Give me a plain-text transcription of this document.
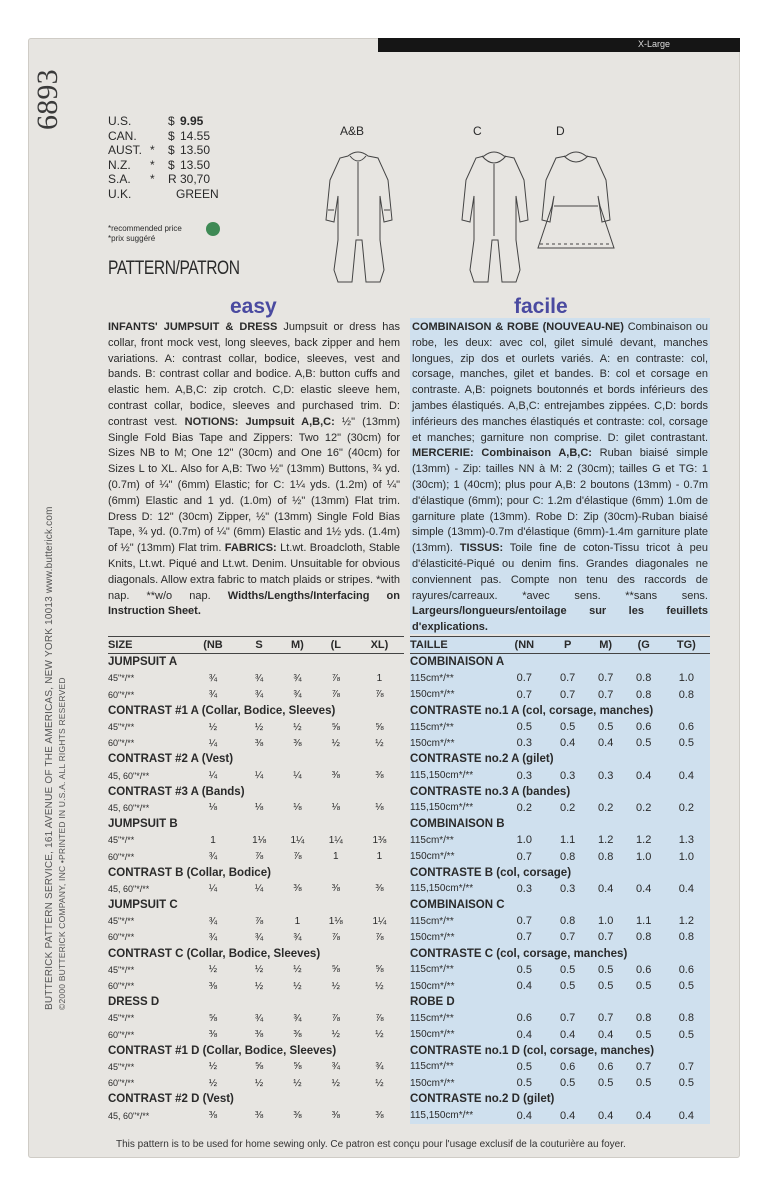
X-Large
6893
BUTTERICK PATTERN SERVICE, 161 AVENUE OF THE AMERICAS, NEW YORK 10013 www.butterick.com ©2000 BUTTERICK COMPANY, INC •PRINTED IN U.S.A. ALL RIGHTS RESERVED
U.S.	$ 9.95
CAN.	$ 14.55
AUST. * $ 13.50
N.Z. * $ 13.50
S.A. * R 30,70
U.K.	GREEN
*recommended price
*prix suggéré
PATTERN/PATRON
A&B	C	D
easy	facile
INFANTS' JUMPSUIT & DRESS Jumpsuit or dress has collar, front mock vest, long sleeves, back zipper and hem variations. A: contrast collar, bodice, sleeves, vest and bands. B: contrast collar and bodice. A,B: button cuffs and elastic hem. A,B,C: zip crotch. C,D: elastic sleeve hem, contrast collar, bodice, sleeves and purchased trim. D: contrast vest. NOTIONS: Jumpsuit A,B,C: ½" (13mm) Single Fold Bias Tape and Zippers: Two 12" (30cm) for Sizes NB to M; One 12" (30cm) and One 16" (40cm) for Sizes L to XL. Also for A,B: Two ½" (13mm) Buttons, ¾ yd. (0.7m) of ¼" (6mm) Elastic; for C: 1¼ yds. (1.2m) of ¼" (6mm) Elastic and 1 yd. (1.0m) of ½" (13mm) Flat trim. Dress D: 12" (30cm) Zipper, ½" (13mm) Single Fold Bias Tape, ¾ yd. (0.7m) of ¼" (6mm) Elastic and 1½ yds. (1.4m) of ½" (13mm) Flat trim. FABRICS: Lt.wt. Broadcloth, Stable Knits, Lt.wt. Piqué and Lt.wt. Denim. Unsuitable for obvious diagonals. Allow extra fabric to match plaids or stripes. *with nap. **w/o nap. Widths/Lengths/Interfacing on Instruction Sheet.
COMBINAISON & ROBE (NOUVEAU-NE) Combinaison ou robe, les deux: avec col, gilet simulé devant, manches longues, zip dos et ourlets variés. A: en contraste: col, corsage, manches, gilet et bandes. B: col et corsage en contraste. A,B: poignets boutonnés et bords inférieurs des jambes élastiqués. A,B,C: entrejambes zippées. C,D: bords inférieurs des manches élastiqués et contraste: col, corsage et manches; garniture non comprise. D: gilet contrastant. MERCERIE: Combinaison A,B,C: Ruban biaisé simple (13mm) - Zip: tailles NN à M: 2 (30cm); tailles G et TG: 1 (30cm); 1 (40cm); plus pour A,B: 2 boutons (13mm) - 0.7m d'élastique (6mm); pour C: 1.2m d'élastique (6mm) 1.0m de garniture plate (13mm). Robe D: Zip (30cm)-Ruban biaisé simple (13mm)-0.7m d'élastique (6mm)-1.4m garniture plate (13mm). TISSUS: Toile fine de coton-Tissu tricot à peu d'élasticité-Piqué ou denim fins. Grandes diagonales ne conviennent pas. Compte non tenu des raccords de rayures/carreaux. *avec sens. **sans sens. Largeurs/longueurs/entoilage sur les feuillets d'explications.
SIZE	(NB	S	M)	(L	XL)
JUMPSUIT A					
45"*/**	¾	¾	¾	⅞	1
60"*/**	¾	¾	¾	⅞	⅞
CONTRAST #1 A (Collar, Bodice, Sleeves)					
45"*/**	½	½	½	⅝	⅝
60"*/**	¼	⅜	⅜	½	½
CONTRAST #2 A (Vest)					
45, 60"*/**	¼	¼	¼	⅜	⅜
CONTRAST #3 A (Bands)					
45, 60"*/**	⅛	⅛	⅛	⅛	⅛
JUMPSUIT B					
45"*/**	1	1⅛	1¼	1¼	1⅜
60"*/**	¾	⅞	⅞	1	1
CONTRAST B (Collar, Bodice)					
45, 60"*/**	¼	¼	⅜	⅜	⅜
JUMPSUIT C					
45"*/**	¾	⅞	1	1⅛	1¼
60"*/**	¾	¾	¾	⅞	⅞
CONTRAST C (Collar, Bodice, Sleeves)					
45"*/**	½	½	½	⅝	⅝
60"*/**	⅜	½	½	½	½
DRESS D					
45"*/**	⅝	¾	¾	⅞	⅞
60"*/**	⅜	⅜	⅜	½	½
CONTRAST #1 D (Collar, Bodice, Sleeves)					
45"*/**	½	⅝	⅝	¾	¾
60"*/**	½	½	½	½	½
CONTRAST #2 D (Vest)					
45, 60"*/**	⅜	⅜	⅜	⅜	⅜
TAILLE	(NN	P	M)	(G	TG)
COMBINAISON A					
115cm*/**	0.7	0.7	0.7	0.8	1.0
150cm*/**	0.7	0.7	0.7	0.8	0.8
CONTRASTE no.1 A (col, corsage, manches)					
115cm*/**	0.5	0.5	0.5	0.6	0.6
150cm*/**	0.3	0.4	0.4	0.5	0.5
CONTRASTE no.2 A (gilet)					
115,150cm*/**	0.3	0.3	0.3	0.4	0.4
CONTRASTE no.3 A (bandes)					
115,150cm*/**	0.2	0.2	0.2	0.2	0.2
COMBINAISON B					
115cm*/**	1.0	1.1	1.2	1.2	1.3
150cm*/**	0.7	0.8	0.8	1.0	1.0
CONTRASTE B (col, corsage)					
115,150cm*/**	0.3	0.3	0.4	0.4	0.4
COMBINAISON C					
115cm*/**	0.7	0.8	1.0	1.1	1.2
150cm*/**	0.7	0.7	0.7	0.8	0.8
CONTRASTE C (col, corsage, manches)					
115cm*/**	0.5	0.5	0.5	0.6	0.6
150cm*/**	0.4	0.5	0.5	0.5	0.5
ROBE D					
115cm*/**	0.6	0.7	0.7	0.8	0.8
150cm*/**	0.4	0.4	0.4	0.5	0.5
CONTRASTE no.1 D (col, corsage, manches)					
115cm*/**	0.5	0.6	0.6	0.7	0.7
150cm*/**	0.5	0.5	0.5	0.5	0.5
CONTRASTE no.2 D (gilet)					
115,150cm*/**	0.4	0.4	0.4	0.4	0.4
This pattern is to be used for home sewing only. Ce patron est conçu pour l'usage exclusif de la couturière au foyer.
